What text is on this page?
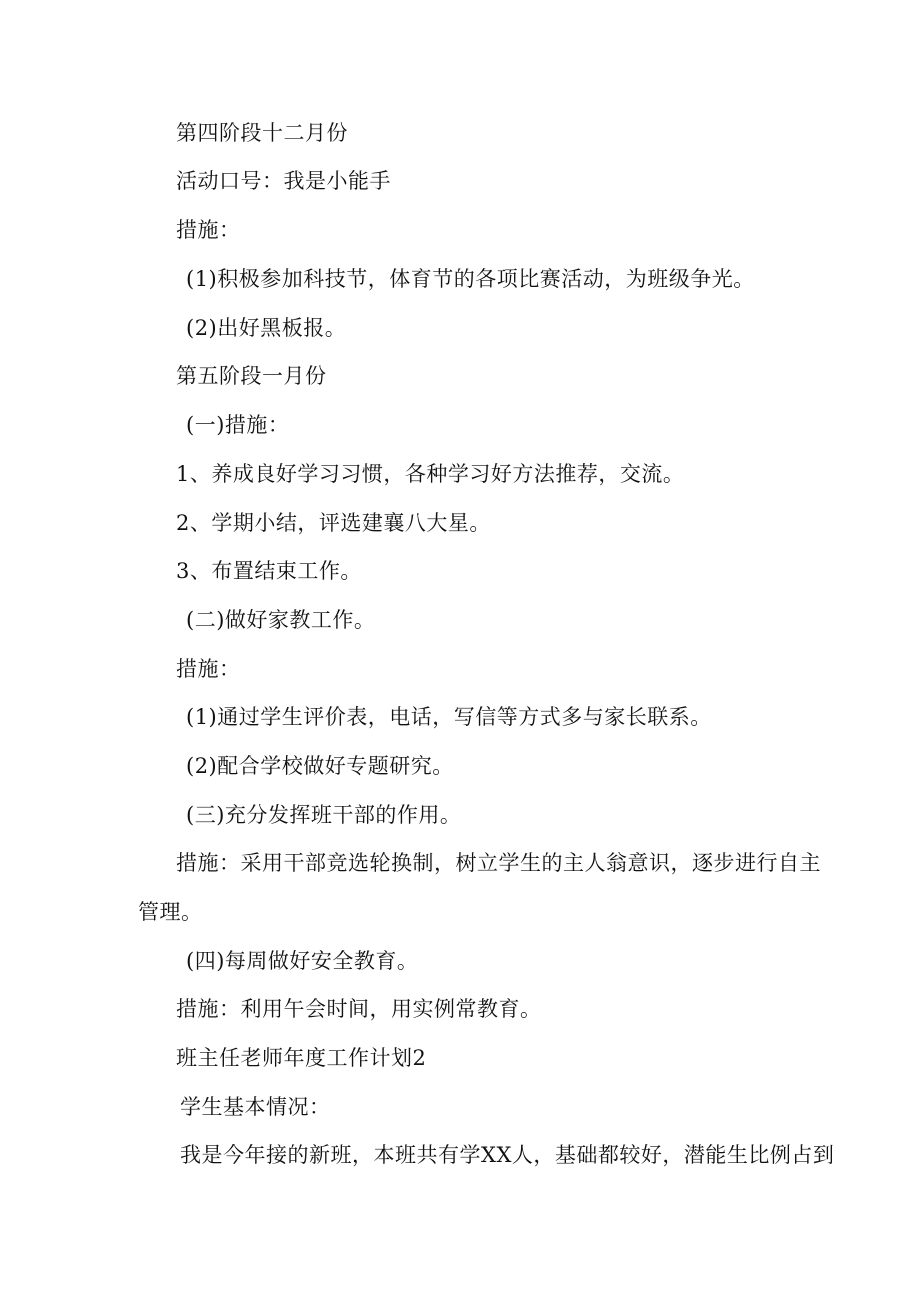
第四阶段十二月份
活动口号：我是小能手
措施：
(1)积极参加科技节，体育节的各项比赛活动，为班级争光。
(2)出好黑板报。
第五阶段一月份
(一)措施：
1、养成良好学习习惯，各种学习好方法推荐，交流。
2、学期小结，评选建襄八大星。
3、布置结束工作。
(二)做好家教工作。
措施：
(1)通过学生评价表，电话，写信等方式多与家长联系。
(2)配合学校做好专题研究。
(三)充分发挥班干部的作用。
措施：采用干部竞选轮换制，树立学生的主人翁意识，逐步进行自主
管理。
(四)每周做好安全教育。
措施：利用午会时间，用实例常教育。
班主任老师年度工作计划2
学生基本情况：
我是今年接的新班，本班共有学XX人，基础都较好，潜能生比例占到
